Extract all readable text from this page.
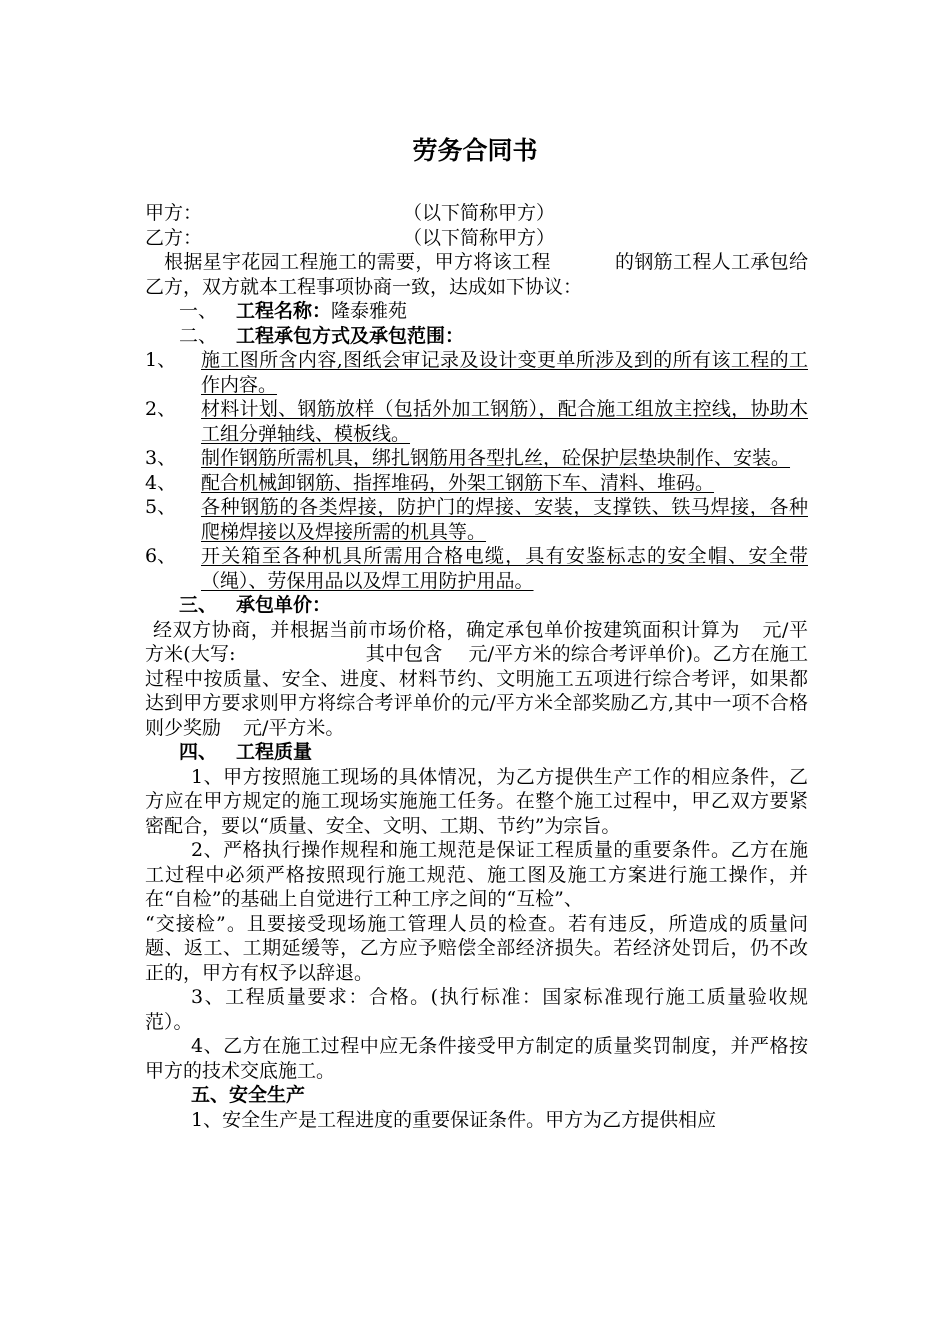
劳务合同书
甲方：	（以下简称甲方）
乙方：	（以下简称甲方）
根据星宇花园工程施工的需要，甲方将该工程	的钢筋工程人工承包给乙方，双方就本工程事项协商一致，达成如下协议：
一、 工程名称： 隆泰雅苑
二、 工程承包方式及承包范围：
1、	施工图所含内容,图纸会审记录及设计变更单所涉及到的所有该工程的工作内容。
2、	材料计划、钢筋放样（包括外加工钢筋），配合施工组放主控线，协助木工组分弹轴线、模板线。
3、	制作钢筋所需机具，绑扎钢筋用各型扎丝，砼保护层垫块制作、安装。
4、	配合机械卸钢筋、指挥堆码，外架工钢筋下车、清料、堆码。
5、	各种钢筋的各类焊接，防护门的焊接、安装，支撑铁、铁马焊接，各种爬梯焊接以及焊接所需的机具等。
6、	开关箱至各种机具所需用合格电缆，具有安鉴标志的安全帽、安全带（绳）、劳保用品以及焊工用防护用品。
三、 承包单价：
经双方协商，并根据当前市场价格，确定承包单价按建筑面积计算为 元/平方米(大写:	其中包含 元/平方米的综合考评单价)。乙方在施工过程中按质量、安全、进度、材料节约、文明施工五项进行综合考评，如果都达到甲方要求则甲方将综合考评单价的元/平方米全部奖励乙方,其中一项不合格则少奖励 元/平方米。
四、 工程质量
1、甲方按照施工现场的具体情况，为乙方提供生产工作的相应条件，乙方应在甲方规定的施工现场实施施工任务。在整个施工过程中，甲乙双方要紧密配合，要以“质量、安全、文明、工期、节约”为宗旨。
2、严格执行操作规程和施工规范是保证工程质量的重要条件。乙方在施工过程中必须严格按照现行施工规范、施工图及施工方案进行施工操作，并在“自检”的基础上自觉进行工种工序之间的“互检”、
“交接检”。且要接受现场施工管理人员的检查。若有违反，所造成的质量问题、返工、工期延缓等，乙方应予赔偿全部经济损失。若经济处罚后，仍不改正的，甲方有权予以辞退。
3、工程质量要求：合格。(执行标准：国家标准现行施工质量验收规范）。
4、乙方在施工过程中应无条件接受甲方制定的质量奖罚制度，并严格按甲方的技术交底施工。
五、安全生产
1、安全生产是工程进度的重要保证条件。甲方为乙方提供相应
